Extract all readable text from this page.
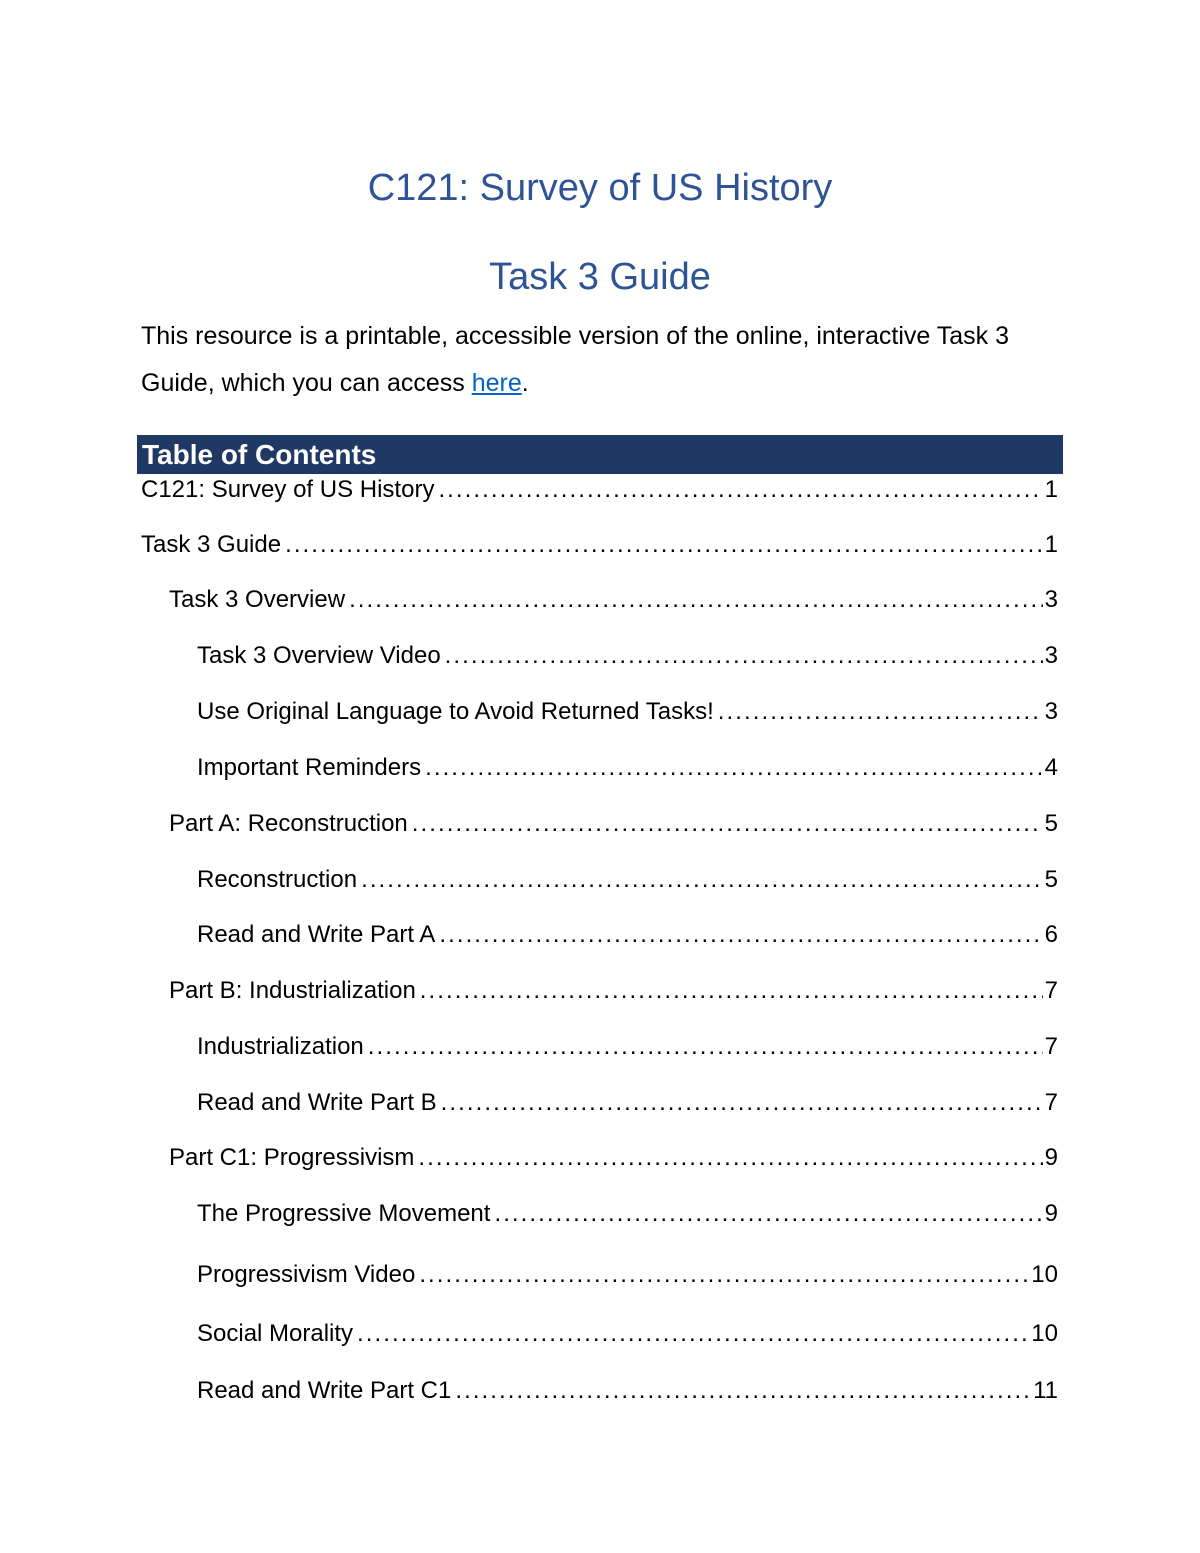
C121: Survey of US History
Task 3 Guide

This resource is a printable, accessible version of the online, interactive Task 3 Guide, which you can access here.

Table of Contents
C121: Survey of US History . . .	1
Task 3 Guide . . .	1
Task 3 Overview . . .	3
Task 3 Overview Video . . .	3
Use Original Language to Avoid Returned Tasks! . . .	3
Important Reminders . . .	4
Part A: Reconstruction . . .	5
Reconstruction . . .	5
Read and Write Part A . . .	6
Part B: Industrialization . . .	7
Industrialization . . .	7
Read and Write Part B . . .	7
Part C1: Progressivism . . .	9
The Progressive Movement . . .	9
Progressivism Video . . .	10
Social Morality . . .	10
Read and Write Part C1 . . .	11
